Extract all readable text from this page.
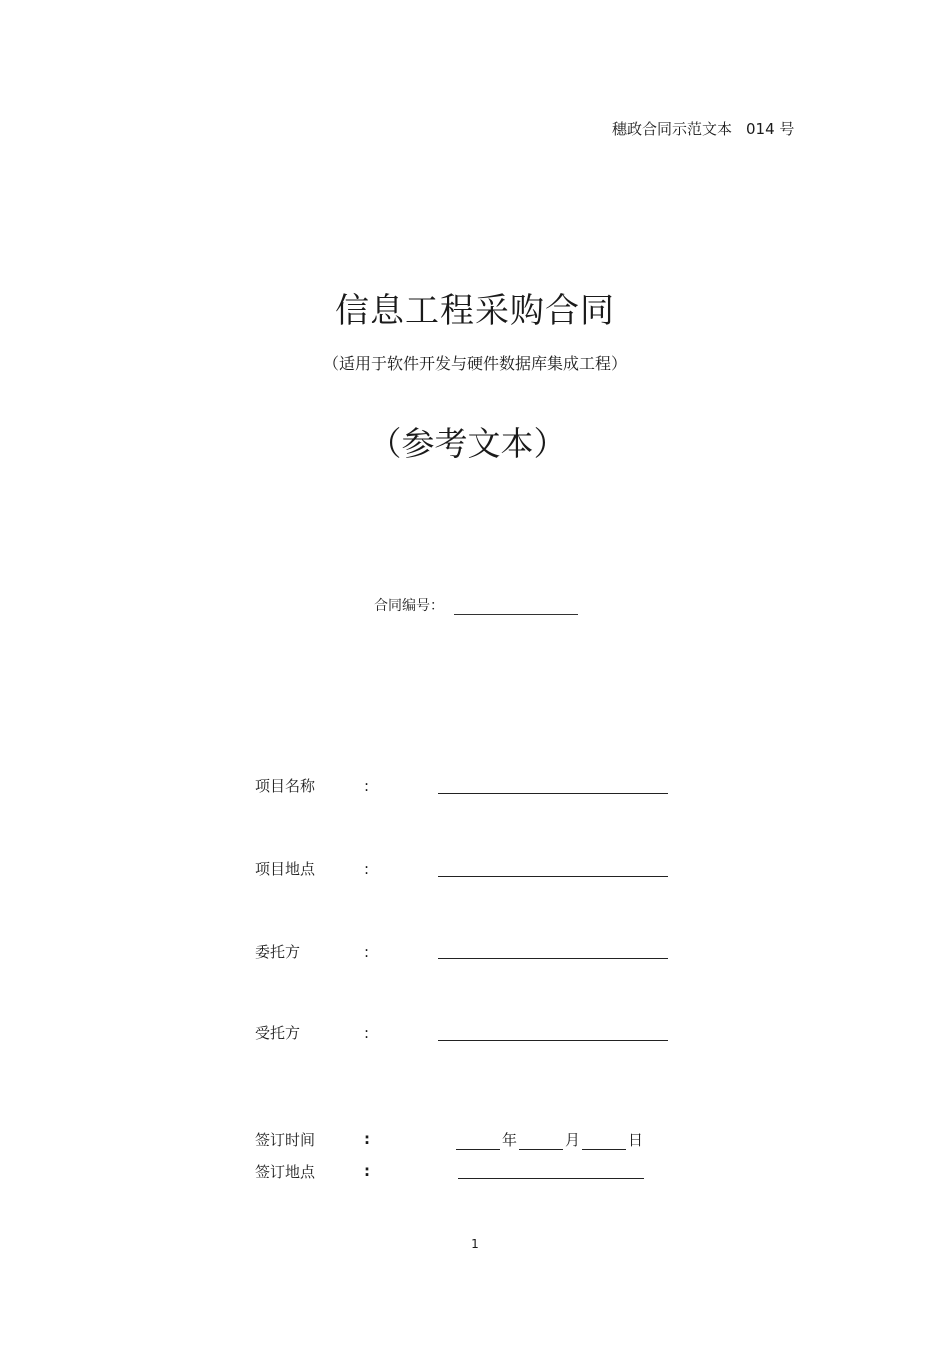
穗政合同示范文本 014 号
信息工程采购合同
（适用于软件开发与硬件数据库集成工程）
（参考文本）
合同编号：
项目名称	:
项目地点	:
委托方	:
受托方	:
签订时间	:	年	月	日
签订地点	:
1
